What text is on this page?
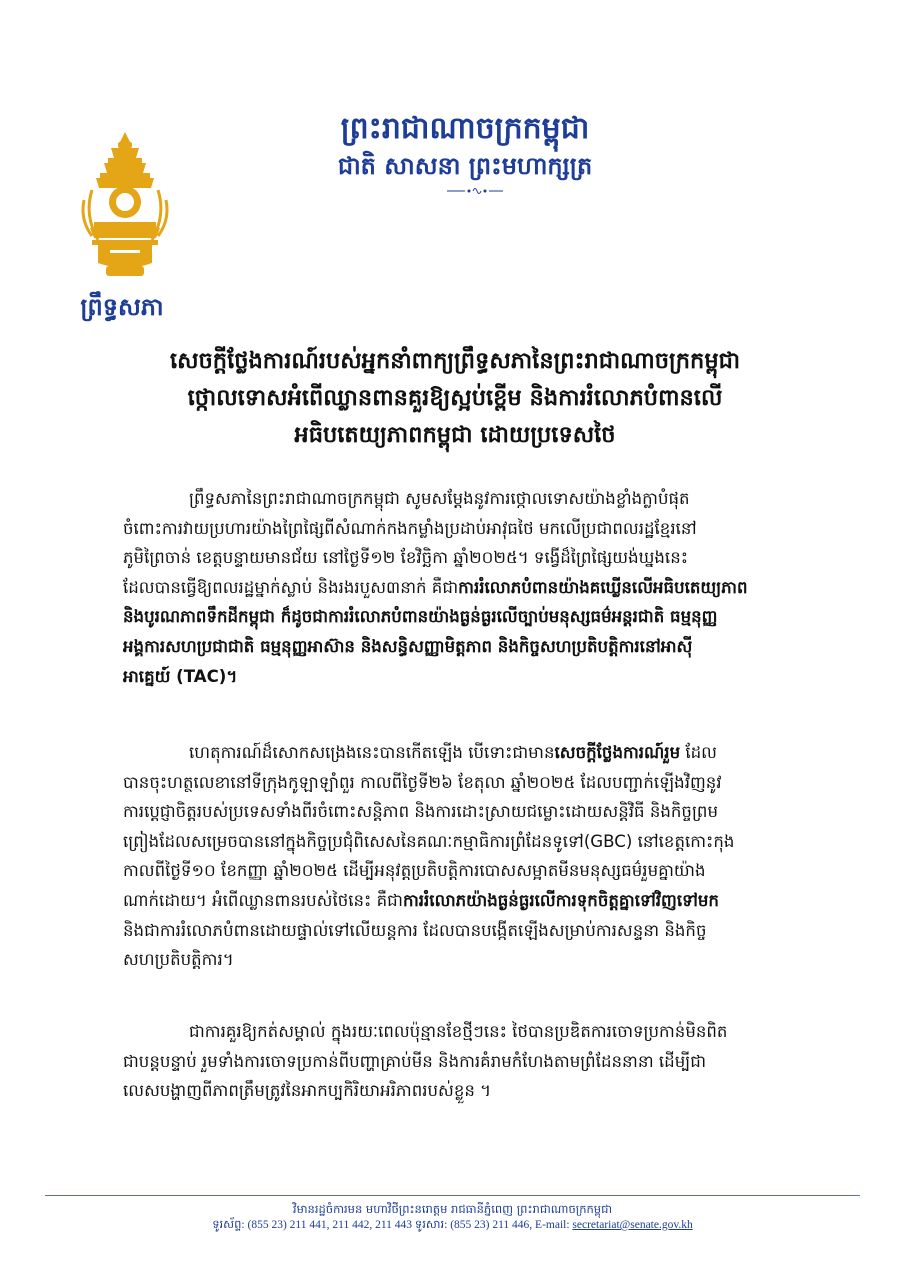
ព្រះរាជាណាចក្រកម្ពុជា
ជាតិ សាសនា ព្រះមហាក្សត្រ
ព្រឹទ្ធសភា
សេចក្តីថ្លែងការណ៍របស់អ្នកនាំពាក្យព្រឹទ្ធសភានៃព្រះរាជាណាចក្រកម្ពុជា
ថ្កោលទោសអំពើឈ្លានពានគួរឱ្យស្អប់ខ្ពើម និងការរំលោភបំពានលើ
អធិបតេយ្យភាពកម្ពុជា ដោយប្រទេសថៃ
ព្រឹទ្ធសភានៃព្រះរាជាណាចក្រកម្ពុជា សូមសម្តែងនូវការថ្កោលទោសយ៉ាងខ្លាំងក្លាបំផុត
ចំពោះការវាយប្រហារយ៉ាងព្រៃផ្សៃពីសំណាក់កងកម្លាំងប្រដាប់អាវុធថៃ មកលើប្រជាពលរដ្ឋខ្មែរនៅ
ភូមិព្រៃចាន់ ខេត្តបន្ទាយមានជ័យ នៅថ្ងៃទី១២ ខែវិច្ឆិកា ឆ្នាំ២០២៥។ ទង្វើដ៏ព្រៃផ្សៃយង់ឃ្នងនេះ
ដែលបានធ្វើឱ្យពលរដ្ឋម្នាក់ស្លាប់ និងរងរបួស៣នាក់ គឺជាការរំលោភបំពានយ៉ាងគឃ្លើនលើអធិបតេយ្យភាព
និងបូរណភាពទឹកដីកម្ពុជា ក៏ដូចជាការរំលោភបំពានយ៉ាងធ្ងន់ធ្ងរលើច្បាប់មនុស្សធម៌អន្តរជាតិ ធម្មនុញ្ញ
អង្គការសហប្រជាជាតិ ធម្មនុញ្ញអាស៊ាន និងសន្ធិសញ្ញាមិត្តភាព និងកិច្ចសហប្រតិបត្តិការនៅអាស៊ី
អាគ្នេយ៍ (TAC)។
ហេតុការណ៍ដ៏សោកសង្រេងនេះបានកើតឡើង បើទោះជាមានសេចក្តីថ្លែងការណ៍រួម ដែល
បានចុះហត្ថលេខានៅទីក្រុងកូឡាឡាំពួរ កាលពីថ្ងៃទី២៦ ខែតុលា ឆ្នាំ២០២៥ ដែលបញ្ជាក់ឡើងវិញនូវ
ការប្តេជ្ញាចិត្តរបស់ប្រទេសទាំងពីរចំពោះសន្តិភាព និងការដោះស្រាយជម្លោះដោយសន្តិវិធី និងកិច្ចព្រម
ព្រៀងដែលសម្រេចបាននៅក្នុងកិច្ចប្រជុំពិសេសនៃគណៈកម្មាធិការព្រំដែនទូទៅ(GBC) នៅខេត្តកោះកុង
កាលពីថ្ងៃទី១០ ខែកញ្ញា ឆ្នាំ២០២៥ ដើម្បីអនុវត្តប្រតិបត្តិការបោសសម្អាតមីនមនុស្សធម៌រួមគ្នាយ៉ាង
ណាក់ដោយ។ អំពើឈ្លានពានរបស់ថៃនេះ គឺជាការរំលោភយ៉ាងធ្ងន់ធ្ងរលើការទុកចិត្តគ្នាទៅវិញទៅមក
និងជាការរំលោភបំពានដោយផ្ទាល់ទៅលើយន្តការ ដែលបានបង្កើតឡើងសម្រាប់ការសន្ទនា និងកិច្ច
សហប្រតិបត្តិការ។
ជាការគួរឱ្យកត់សម្គាល់ ក្នុងរយៈពេលប៉ុន្មានខែថ្មីៗនេះ ថៃបានប្រឌិតការចោទប្រកាន់មិនពិត
ជាបន្តបន្ទាប់ រួមទាំងការចោទប្រកាន់ពីបញ្ហាគ្រាប់មីន និងការគំរាមកំហែងតាមព្រំដែននានា ដើម្បីជា
លេសបង្ហាញពីភាពត្រឹមត្រូវនៃអាកប្បកិរិយាអរិភាពរបស់ខ្លួន ។
វិមានរដ្ឋចំការមន មហាវិថីព្រះនរោត្តម រាជធានីភ្នំពេញ ព្រះរាជាណាចក្រកម្ពុជា
ទូរស័ព្ទ: (855 23) 211 441, 211 442, 211 443 ទូរសារ: (855 23) 211 446, E-mail: secretariat@senate.gov.kh
